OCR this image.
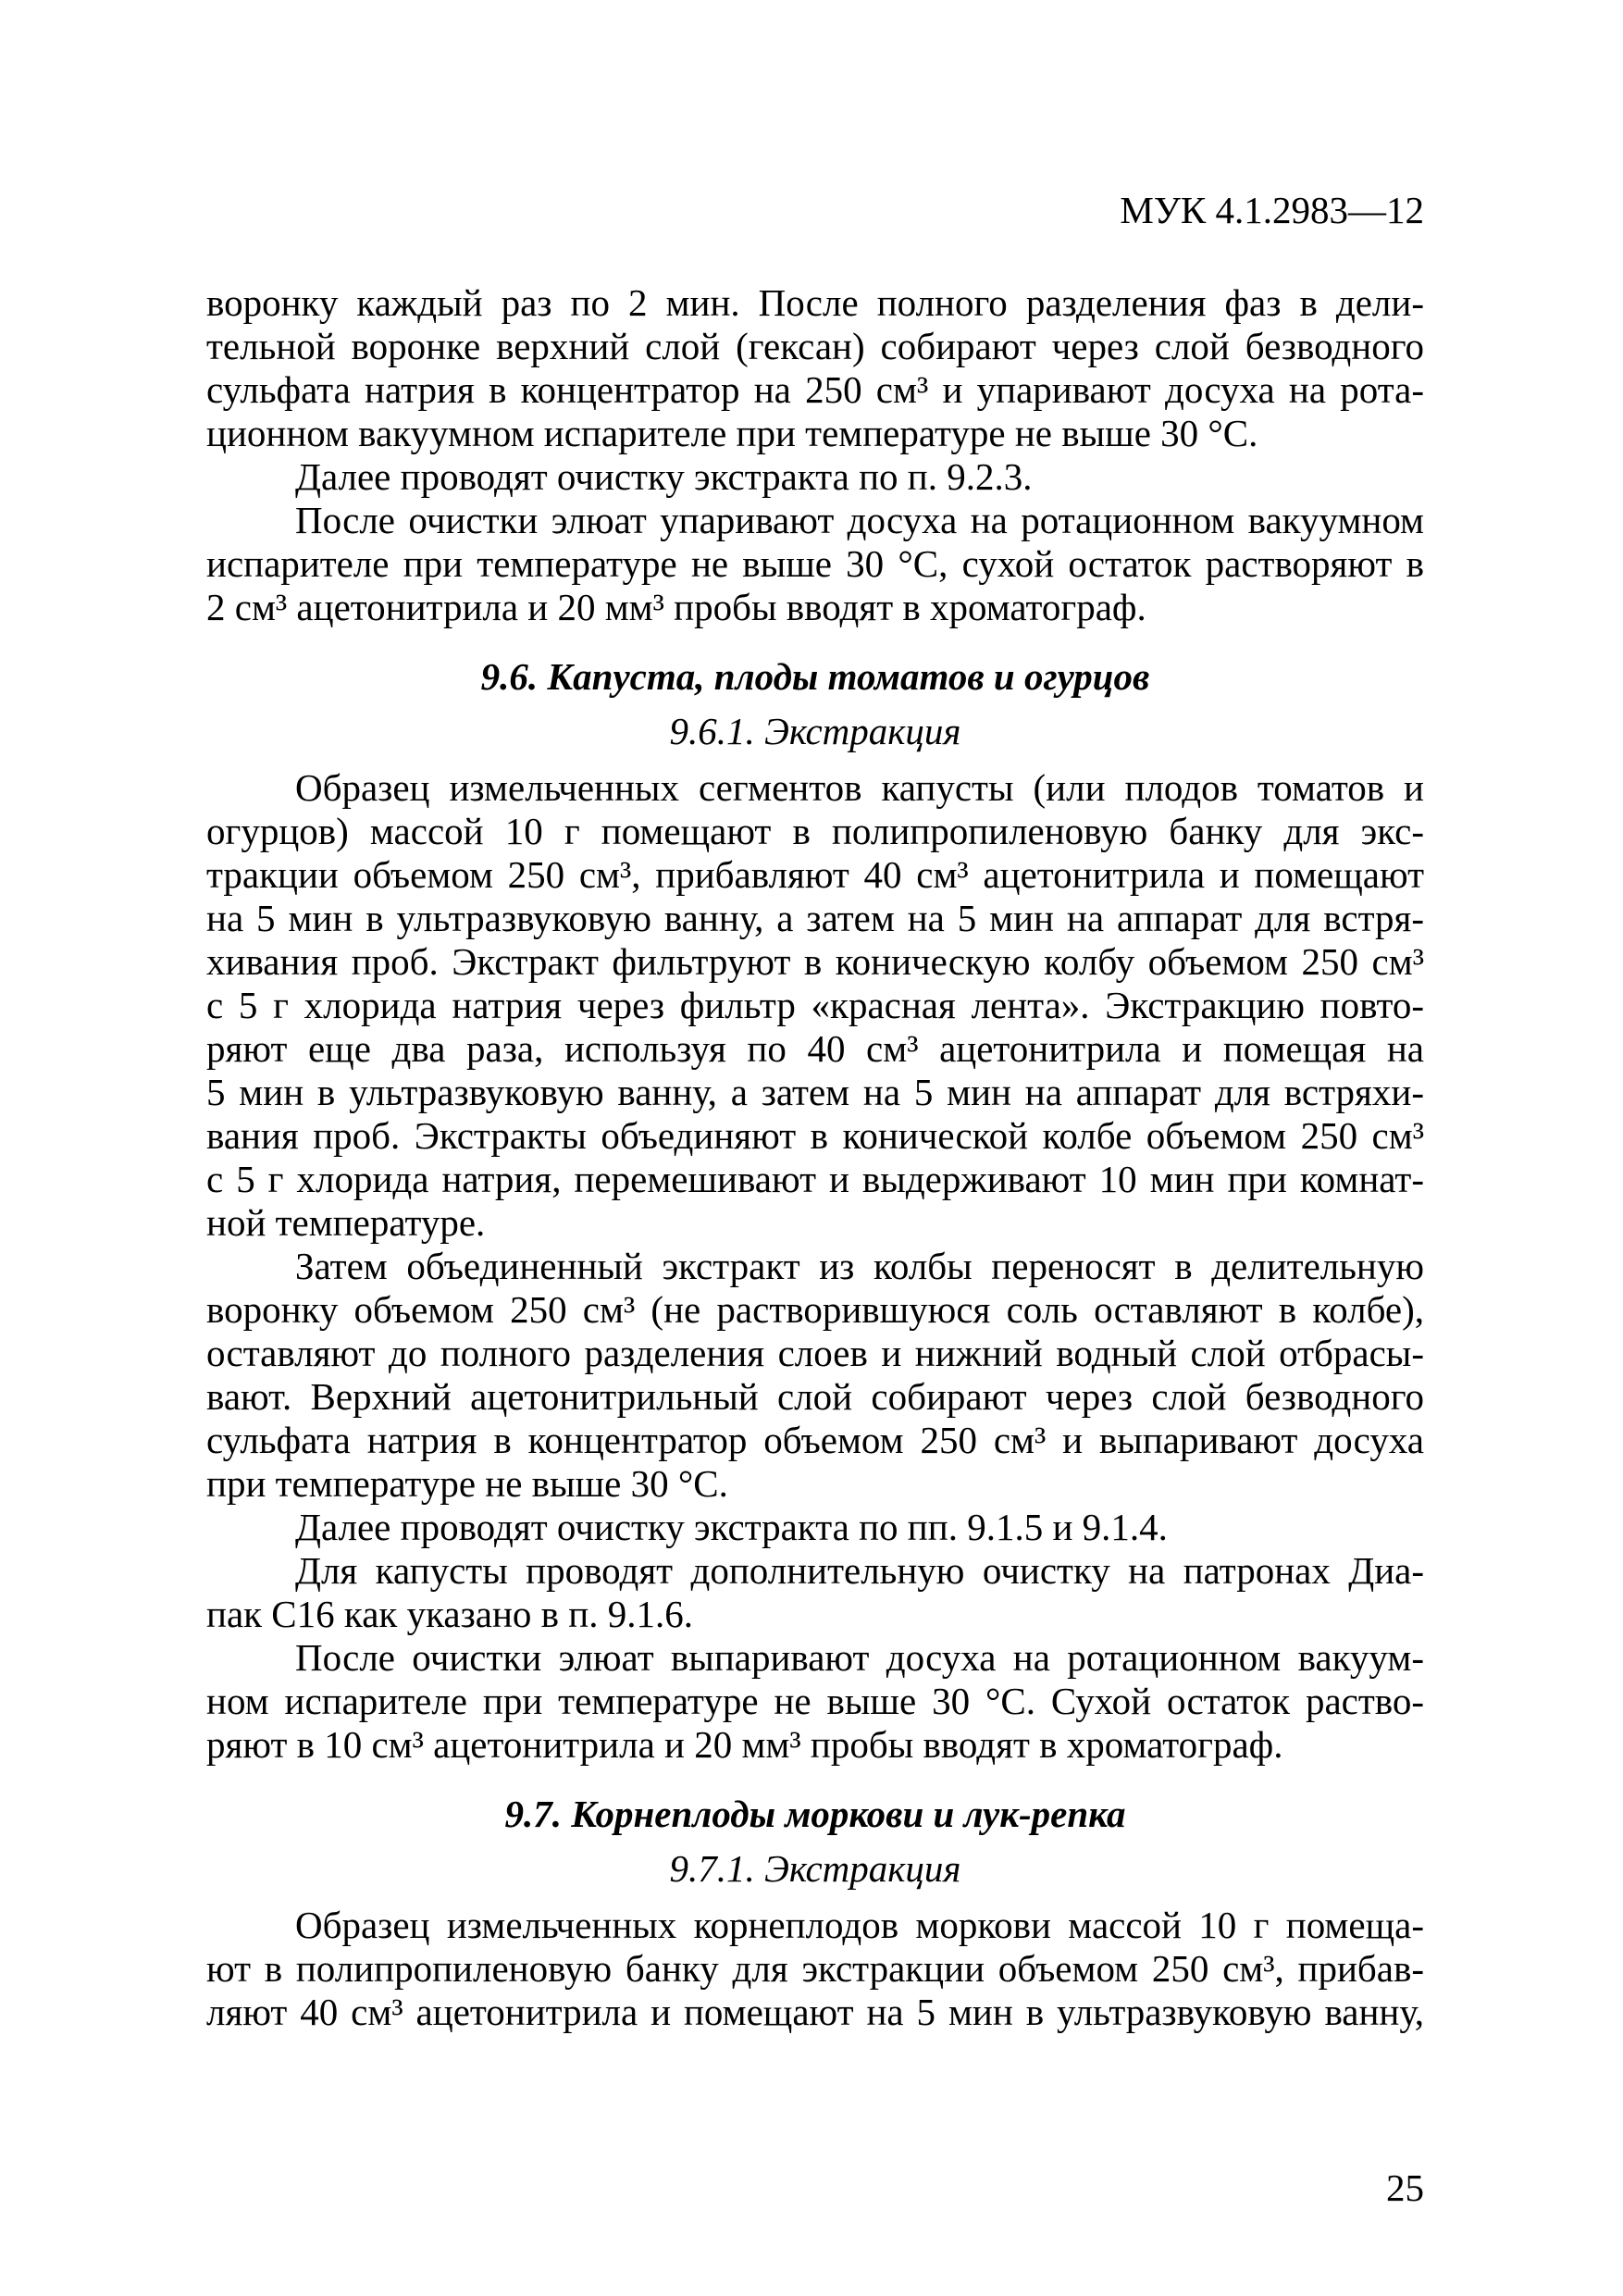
МУК 4.1.2983—12
воронку каждый раз по 2 мин. После полного разделения фаз в дели-
тельной воронке верхний слой (гексан) собирают через слой безводного
сульфата натрия в концентратор на 250 см³ и упаривают досуха на рота-
ционном вакуумном испарителе при температуре не выше 30 °С.
Далее проводят очистку экстракта по п. 9.2.3.
После очистки элюат упаривают досуха на ротационном вакуумном
испарителе при температуре не выше 30 °С, сухой остаток растворяют в
2 см³ ацетонитрила и 20 мм³ пробы вводят в хроматограф.
9.6. Капуста, плоды томатов и огурцов
9.6.1. Экстракция
Образец измельченных сегментов капусты (или плодов томатов и
огурцов) массой 10 г помещают в полипропиленовую банку для экс-
тракции объемом 250 см³, прибавляют 40 см³ ацетонитрила и помещают
на 5 мин в ультразвуковую ванну, а затем на 5 мин на аппарат для встря-
хивания проб. Экстракт фильтруют в коническую колбу объемом 250 см³
с 5 г хлорида натрия через фильтр «красная лента». Экстракцию повто-
ряют еще два раза, используя по 40 см³ ацетонитрила и помещая на
5 мин в ультразвуковую ванну, а затем на 5 мин на аппарат для встряхи-
вания проб. Экстракты объединяют в конической колбе объемом 250 см³
с 5 г хлорида натрия, перемешивают и выдерживают 10 мин при комнат-
ной температуре.
Затем объединенный экстракт из колбы переносят в делительную
воронку объемом 250 см³ (не растворившуюся соль оставляют в колбе),
оставляют до полного разделения слоев и нижний водный слой отбрасы-
вают. Верхний ацетонитрильный слой собирают через слой безводного
сульфата натрия в концентратор объемом 250 см³ и выпаривают досуха
при температуре не выше 30 °С.
Далее проводят очистку экстракта по пп. 9.1.5 и 9.1.4.
Для капусты проводят дополнительную очистку на патронах Диа-
пак С16 как указано в п. 9.1.6.
После очистки элюат выпаривают досуха на ротационном вакуум-
ном испарителе при температуре не выше 30 °С. Сухой остаток раство-
ряют в 10 см³ ацетонитрила и 20 мм³ пробы вводят в хроматограф.
9.7. Корнеплоды моркови и лук-репка
9.7.1. Экстракция
Образец измельченных корнеплодов моркови массой 10 г помеща-
ют в полипропиленовую банку для экстракции объемом 250 см³, прибав-
ляют 40 см³ ацетонитрила и помещают на 5 мин в ультразвуковую ванну,
25
